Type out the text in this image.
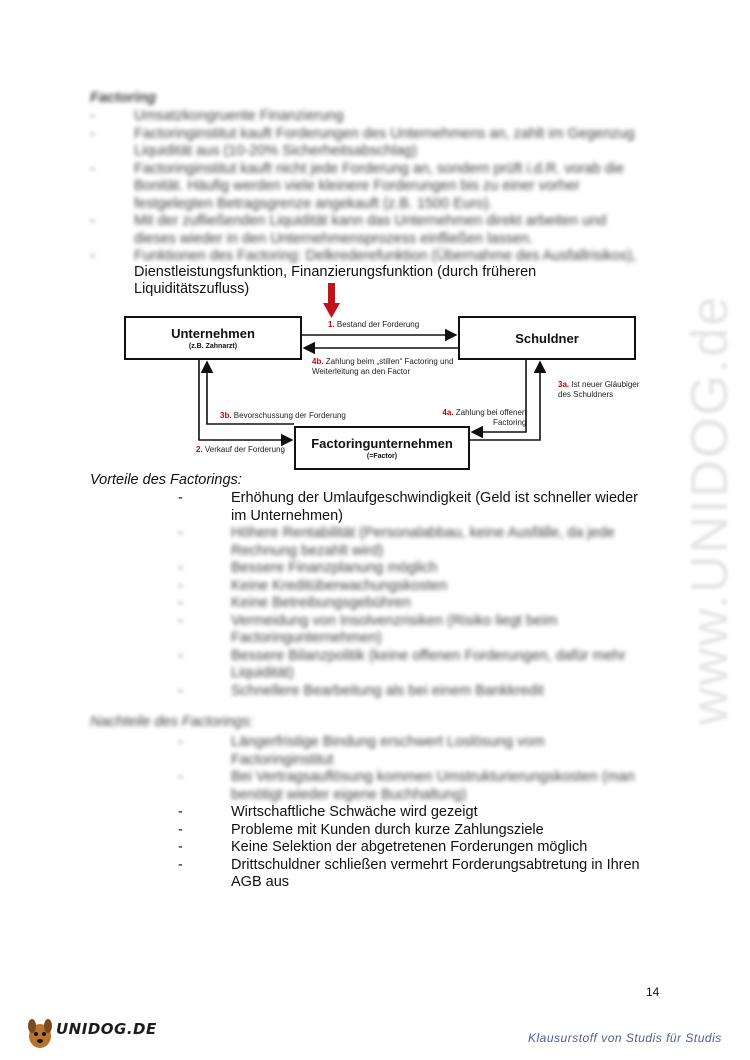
www.UNIDOG.de
Factoring
-	Umsatzkongruente Finanzierung
-	Factoringinstitut kauft Forderungen des Unternehmens an, zahlt im Gegenzug
Liquidität aus (10-20% Sicherheitsabschlag)
-	Factoringinstitut kauft nicht jede Forderung an, sondern prüft i.d.R. vorab die
Bonität. Häufig werden viele kleinere Forderungen bis zu einer vorher
festgelegten Betragsgrenze angekauft (z.B. 1500 Euro).
-	Mit der zufließenden Liquidität kann das Unternehmen direkt arbeiten und
dieses wieder in den Unternehmensprozess einfließen lassen.
-	Funktionen des Factoring: Delkrederefunktion (Übernahme des Ausfallrisikos),
Dienstleistungsfunktion, Finanzierungsfunktion (durch früheren
Liquiditätszufluss)
Unternehmen
(z.B. Zahnarzt)
Schuldner
Factoringunternehmen
(=Factor)
1. Bestand der Forderung
4b. Zahlung beim „stillen“ Factoring und
Weiterleitung an den Factor
3a. Ist neuer Gläubiger
des Schuldners
3b. Bevorschussung der Forderung	4a. Zahlung bei offenen
Factoring
2. Verkauf der Forderung
Vorteile des Factorings:
-	Erhöhung der Umlaufgeschwindigkeit (Geld ist schneller wieder
im Unternehmen)
-	Höhere Rentabilität (Personalabbau, keine Ausfälle, da jede
Rechnung bezahlt wird)
-	Bessere Finanzplanung möglich
-	Keine Kreditüberwachungskosten
-	Keine Betreibungsgebühren
-	Vermeidung von Insolvenzrisiken (Risiko liegt beim
Factoringunternehmen)
-	Bessere Bilanzpolitik (keine offenen Forderungen, dafür mehr
Liquidität)
-	Schnellere Bearbeitung als bei einem Bankkredit
Nachteile des Factorings:
-	Längerfristige Bindung erschwert Loslösung vom
Factoringinstitut
-	Bei Vertragsauflösung kommen Umstrukturierungskosten (man
benötigt wieder eigene Buchhaltung)
-	Wirtschaftliche Schwäche wird gezeigt
-	Probleme mit Kunden durch kurze Zahlungsziele
-	Keine Selektion der abgetretenen Forderungen möglich
-	Drittschuldner schließen vermehrt Forderungsabtretung in Ihren
AGB aus
14
UNIDOG.DE	Klausurstoff von Studis für Studis
